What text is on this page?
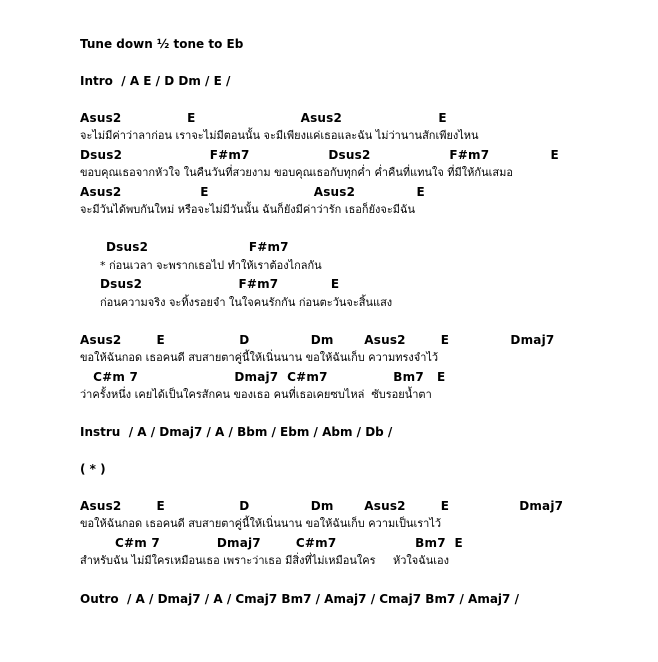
Tune down ½ tone to Eb
Intro  / A E / D Dm / E /
Asus2               E                        Asus2                      E
จะไม่มีค่าว่าลาก่อน เราจะไม่มีตอนนั้น จะมีเพียงแค่เธอและฉัน ไม่ว่านานสักเพียงไหน
Dsus2                    F#m7                  Dsus2                  F#m7              E
ขอบคุณเธอจากหัวใจ ในคืนวันที่สวยงาม ขอบคุณเธอกับทุกค่ำ ค่ำคืนที่แทนใจ ที่มีให้กันเสมอ
Asus2                  E                        Asus2              E
จะมีวันได้พบกันใหม่ หรือจะไม่มีวันนั้น ฉันก็ยังมีค่าว่ารัก เธอก็ยังจะมีฉัน
Dsus2                       F#m7
* ก่อนเวลา จะพรากเธอไป ทำให้เราต้องไกลกัน
Dsus2                      F#m7            E
ก่อนความจริง จะทิ้งรอยจำ ในใจคนรักกัน ก่อนตะวันจะสิ้นแสง
Asus2        E                 D              Dm       Asus2        E              Dmaj7
ขอให้ฉันกอด เธอคนดี สบสายตาคู่นี้ให้เนิ่นนาน ขอให้ฉันเก็บ ความทรงจำไว้
C#m 7                      Dmaj7  C#m7               Bm7   E
ว่าครั้งหนึ่ง เคยได้เป็นใครสักคน ของเธอ คนที่เธอเคยซบไหล่  ซับรอยน้ำตา
Instru  / A / Dmaj7 / A / Bbm / Ebm / Abm / Db /
( * )
Asus2        E                 D              Dm       Asus2        E                Dmaj7
ขอให้ฉันกอด เธอคนดี สบสายตาคู่นี้ให้เนิ่นนาน ขอให้ฉันเก็บ ความเป็นเราไว้
C#m 7             Dmaj7        C#m7                  Bm7  E
สำหรับฉัน ไม่มีใครเหมือนเธอ เพราะว่าเธอ มีสิ่งที่ไม่เหมือนใคร     หัวใจฉันเอง
Outro  / A / Dmaj7 / A / Cmaj7 Bm7 / Amaj7 / Cmaj7 Bm7 / Amaj7 /
